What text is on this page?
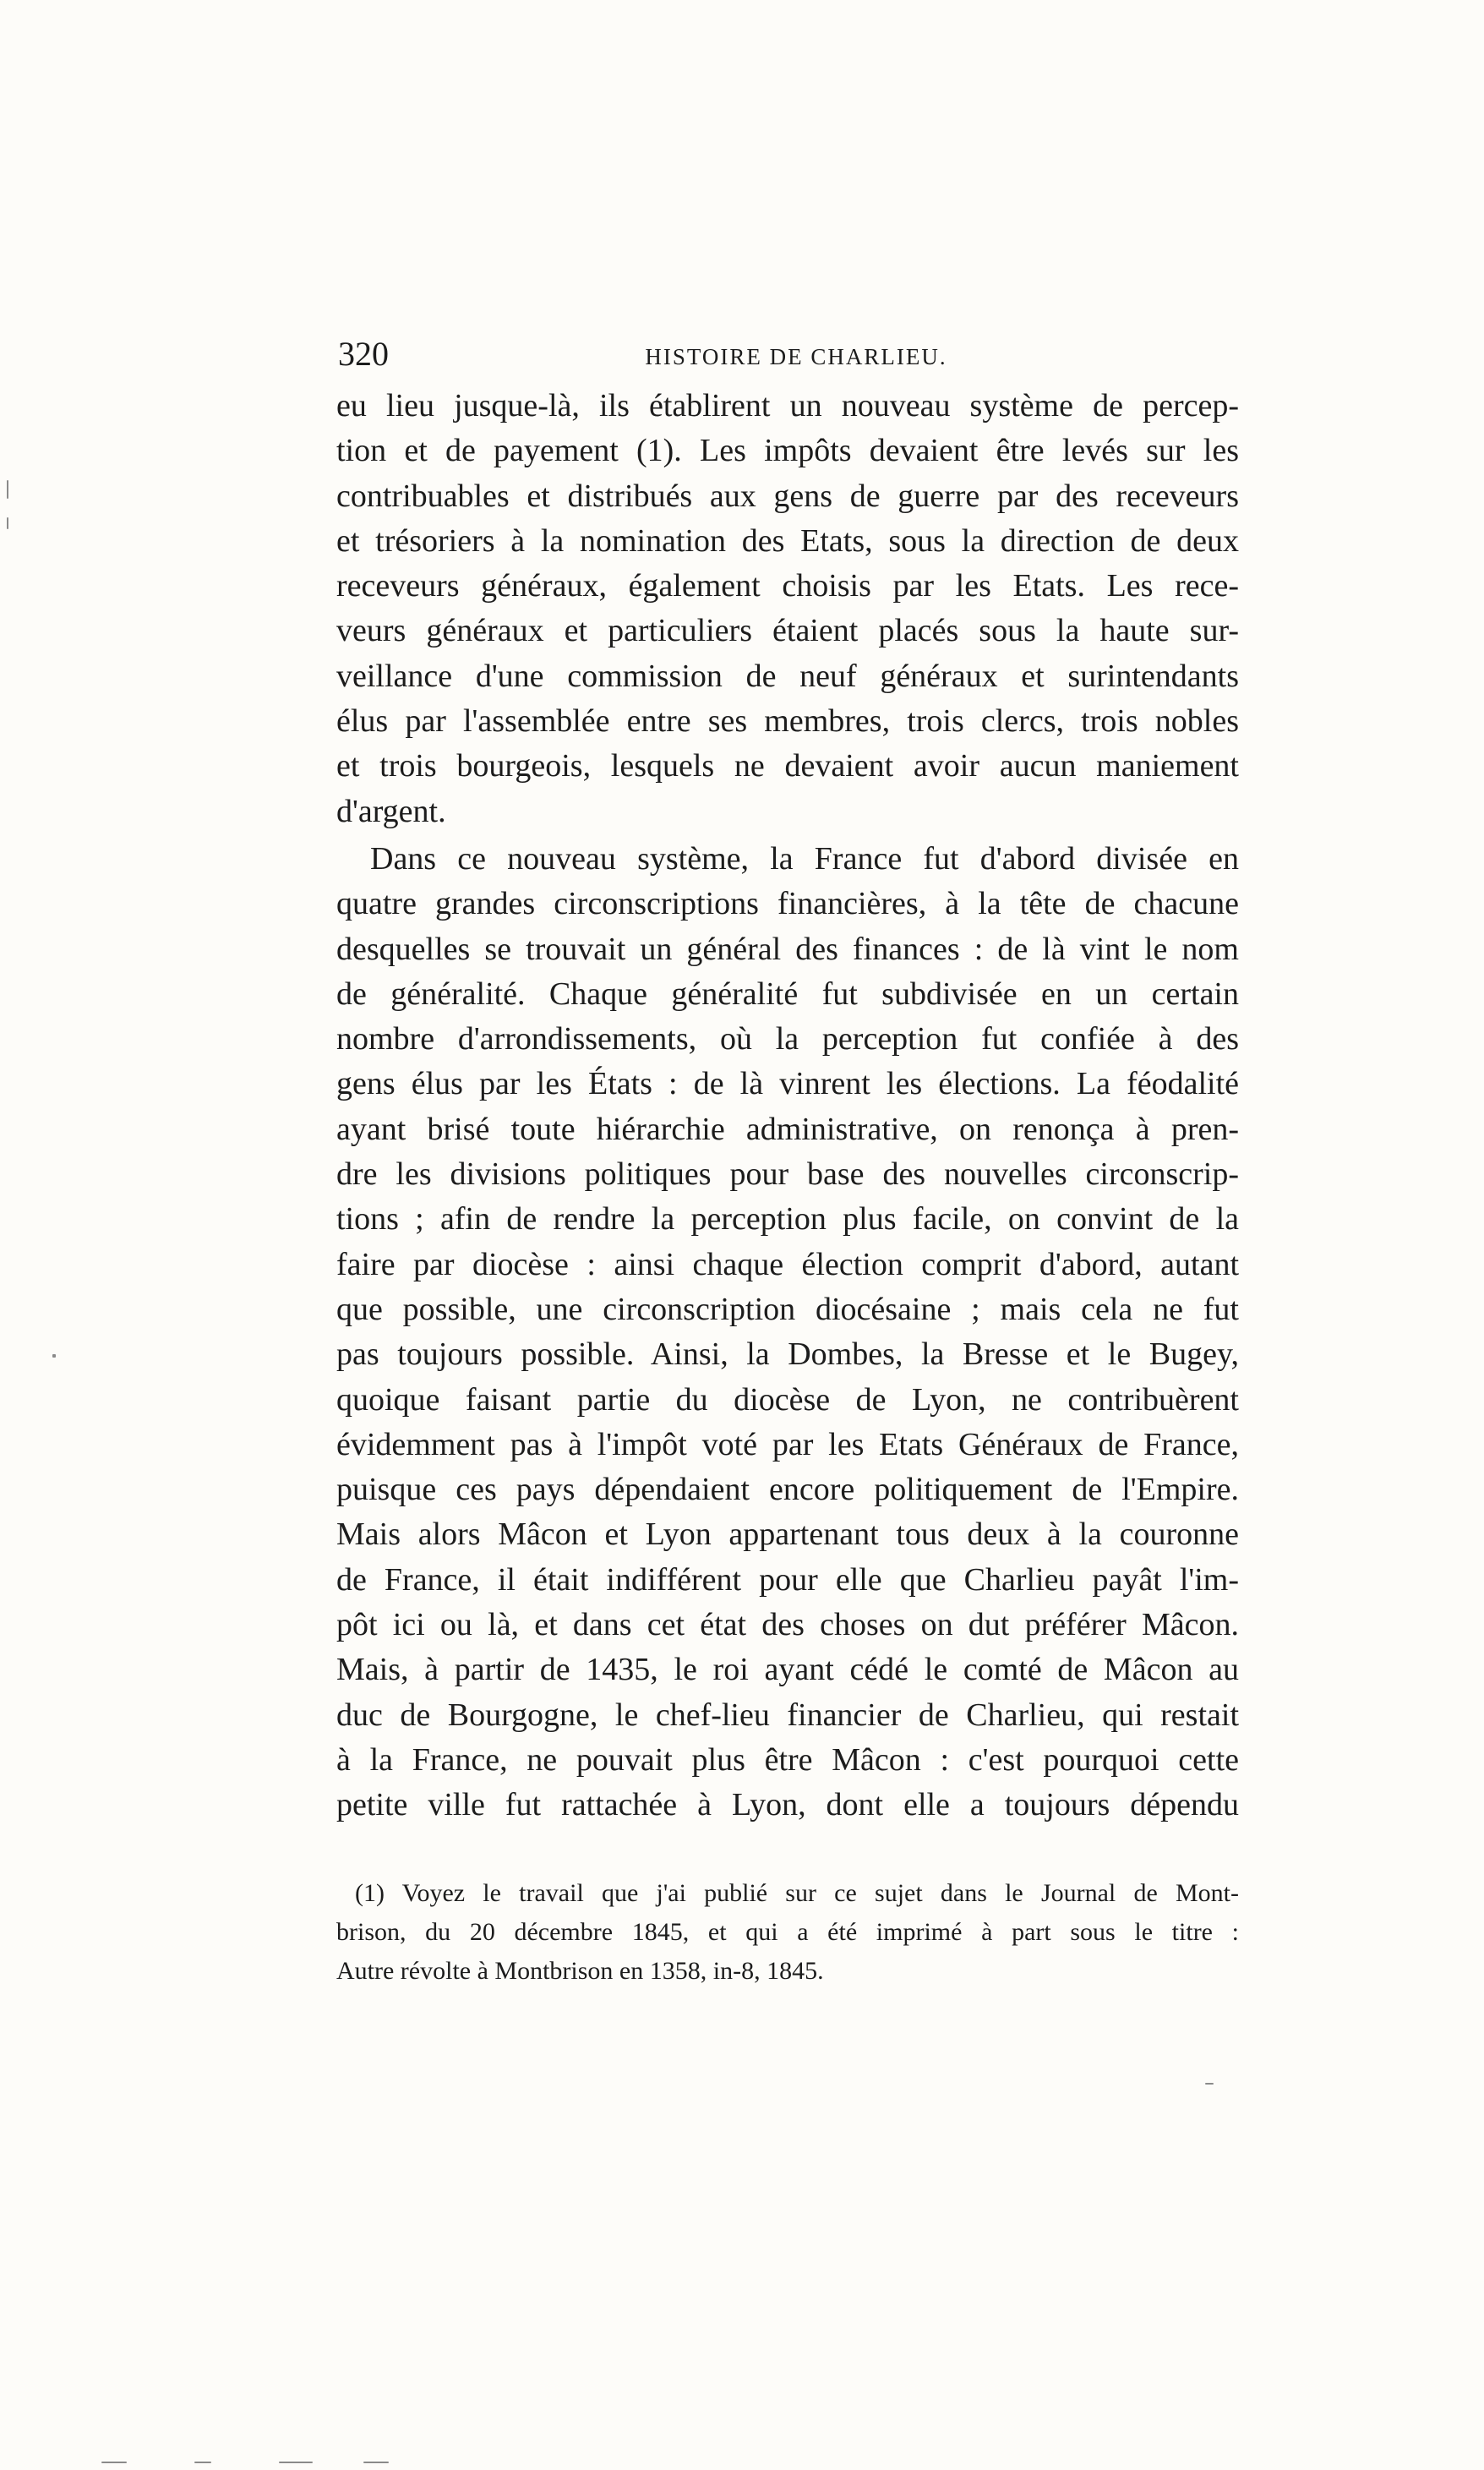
320	HISTOIRE DE CHARLIEU.
eu lieu jusque-là, ils établirent un nouveau système de percep-
tion et de payement (1). Les impôts devaient être levés sur les
contribuables et distribués aux gens de guerre par des receveurs
et trésoriers à la nomination des Etats, sous la direction de deux
receveurs généraux, également choisis par les Etats. Les rece-
veurs généraux et particuliers étaient placés sous la haute sur-
veillance d'une commission de neuf généraux et surintendants
élus par l'assemblée entre ses membres, trois clercs, trois nobles
et trois bourgeois, lesquels ne devaient avoir aucun maniement
d'argent.
Dans ce nouveau système, la France fut d'abord divisée en
quatre grandes circonscriptions financières, à la tête de chacune
desquelles se trouvait un général des finances : de là vint le nom
de généralité. Chaque généralité fut subdivisée en un certain
nombre d'arrondissements, où la perception fut confiée à des
gens élus par les États : de là vinrent les élections. La féodalité
ayant brisé toute hiérarchie administrative, on renonça à pren-
dre les divisions politiques pour base des nouvelles circonscrip-
tions ; afin de rendre la perception plus facile, on convint de la
faire par diocèse : ainsi chaque élection comprit d'abord, autant
que possible, une circonscription diocésaine ; mais cela ne fut
pas toujours possible. Ainsi, la Dombes, la Bresse et le Bugey,
quoique faisant partie du diocèse de Lyon, ne contribuèrent
évidemment pas à l'impôt voté par les Etats Généraux de France,
puisque ces pays dépendaient encore politiquement de l'Empire.
Mais alors Mâcon et Lyon appartenant tous deux à la couronne
de France, il était indifférent pour elle que Charlieu payât l'im-
pôt ici ou là, et dans cet état des choses on dut préférer Mâcon.
Mais, à partir de 1435, le roi ayant cédé le comté de Mâcon au
duc de Bourgogne, le chef-lieu financier de Charlieu, qui restait
à la France, ne pouvait plus être Mâcon : c'est pourquoi cette
petite ville fut rattachée à Lyon, dont elle a toujours dépendu
(1) Voyez le travail que j'ai publié sur ce sujet dans le Journal de Mont-
brison, du 20 décembre 1845, et qui a été imprimé à part sous le titre :
Autre révolte à Montbrison en 1358, in-8, 1845.
